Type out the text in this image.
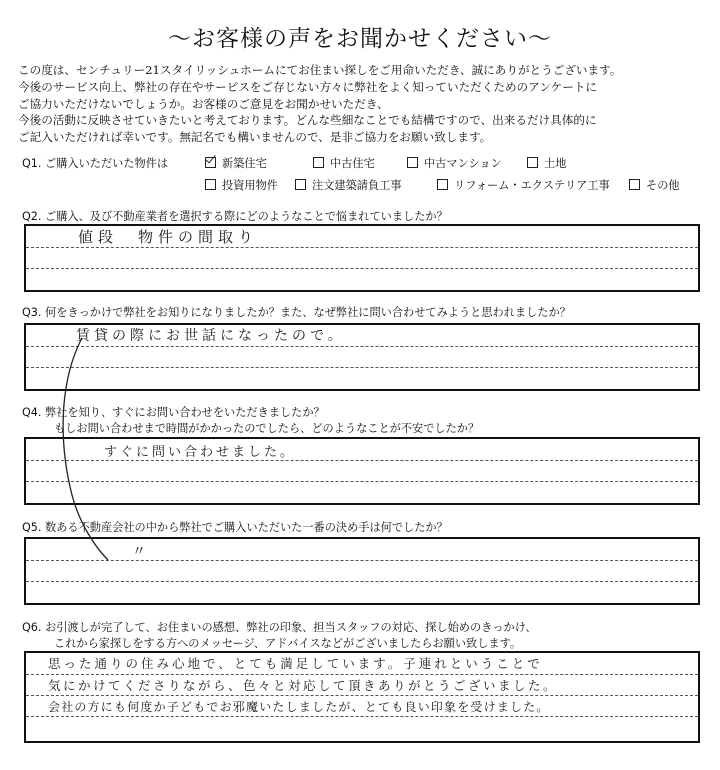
～お客様の声をお聞かせください～
この度は、センチュリー21スタイリッシュホームにてお住まい探しをご用命いただき、誠にありがとうございます。
今後のサービス向上、弊社の存在やサービスをご存じない方々に弊社をよく知っていただくためのアンケートに
ご協力いただけないでしょうか。お客様のご意見をお聞かせいただき、
今後の活動に反映させていきたいと考えております。どんな些細なことでも結構ですので、出来るだけ具体的に
ご記入いただければ幸いです。無記名でも構いませんので、是非ご協力をお願い致します。
Q1. ご購入いただいた物件は	新築住宅	中古住宅	中古マンション	土地
投資用物件	注文建築請負工事	リフォーム・エクステリア工事	その他
Q2. ご購入、及び不動産業者を選択する際にどのようなことで悩まれていましたか？
値段　物件の間取り
Q3. 何をきっかけで弊社をお知りになりましたか？また、なぜ弊社に問い合わせてみようと思われましたか？
賃貸の際にお世話になったので。
Q4. 弊社を知り、すぐにお問い合わせをいただきましたか？
もしお問い合わせまで時間がかかったのでしたら、どのようなことが不安でしたか？
すぐに問い合わせました。
Q5. 数ある不動産会社の中から弊社でご購入いただいた一番の決め手は何でしたか？
〃
Q6. お引渡しが完了して、お住まいの感想、弊社の印象、担当スタッフの対応、探し始めのきっかけ、
これから家探しをする方へのメッセージ、アドバイスなどがございましたらお願い致します。
思った通りの住み心地で、とても満足しています。子連れということで
気にかけてくださりながら、色々と対応して頂きありがとうございました。
会社の方にも何度か子どもでお邪魔いたしましたが、とても良い印象を受けました。
